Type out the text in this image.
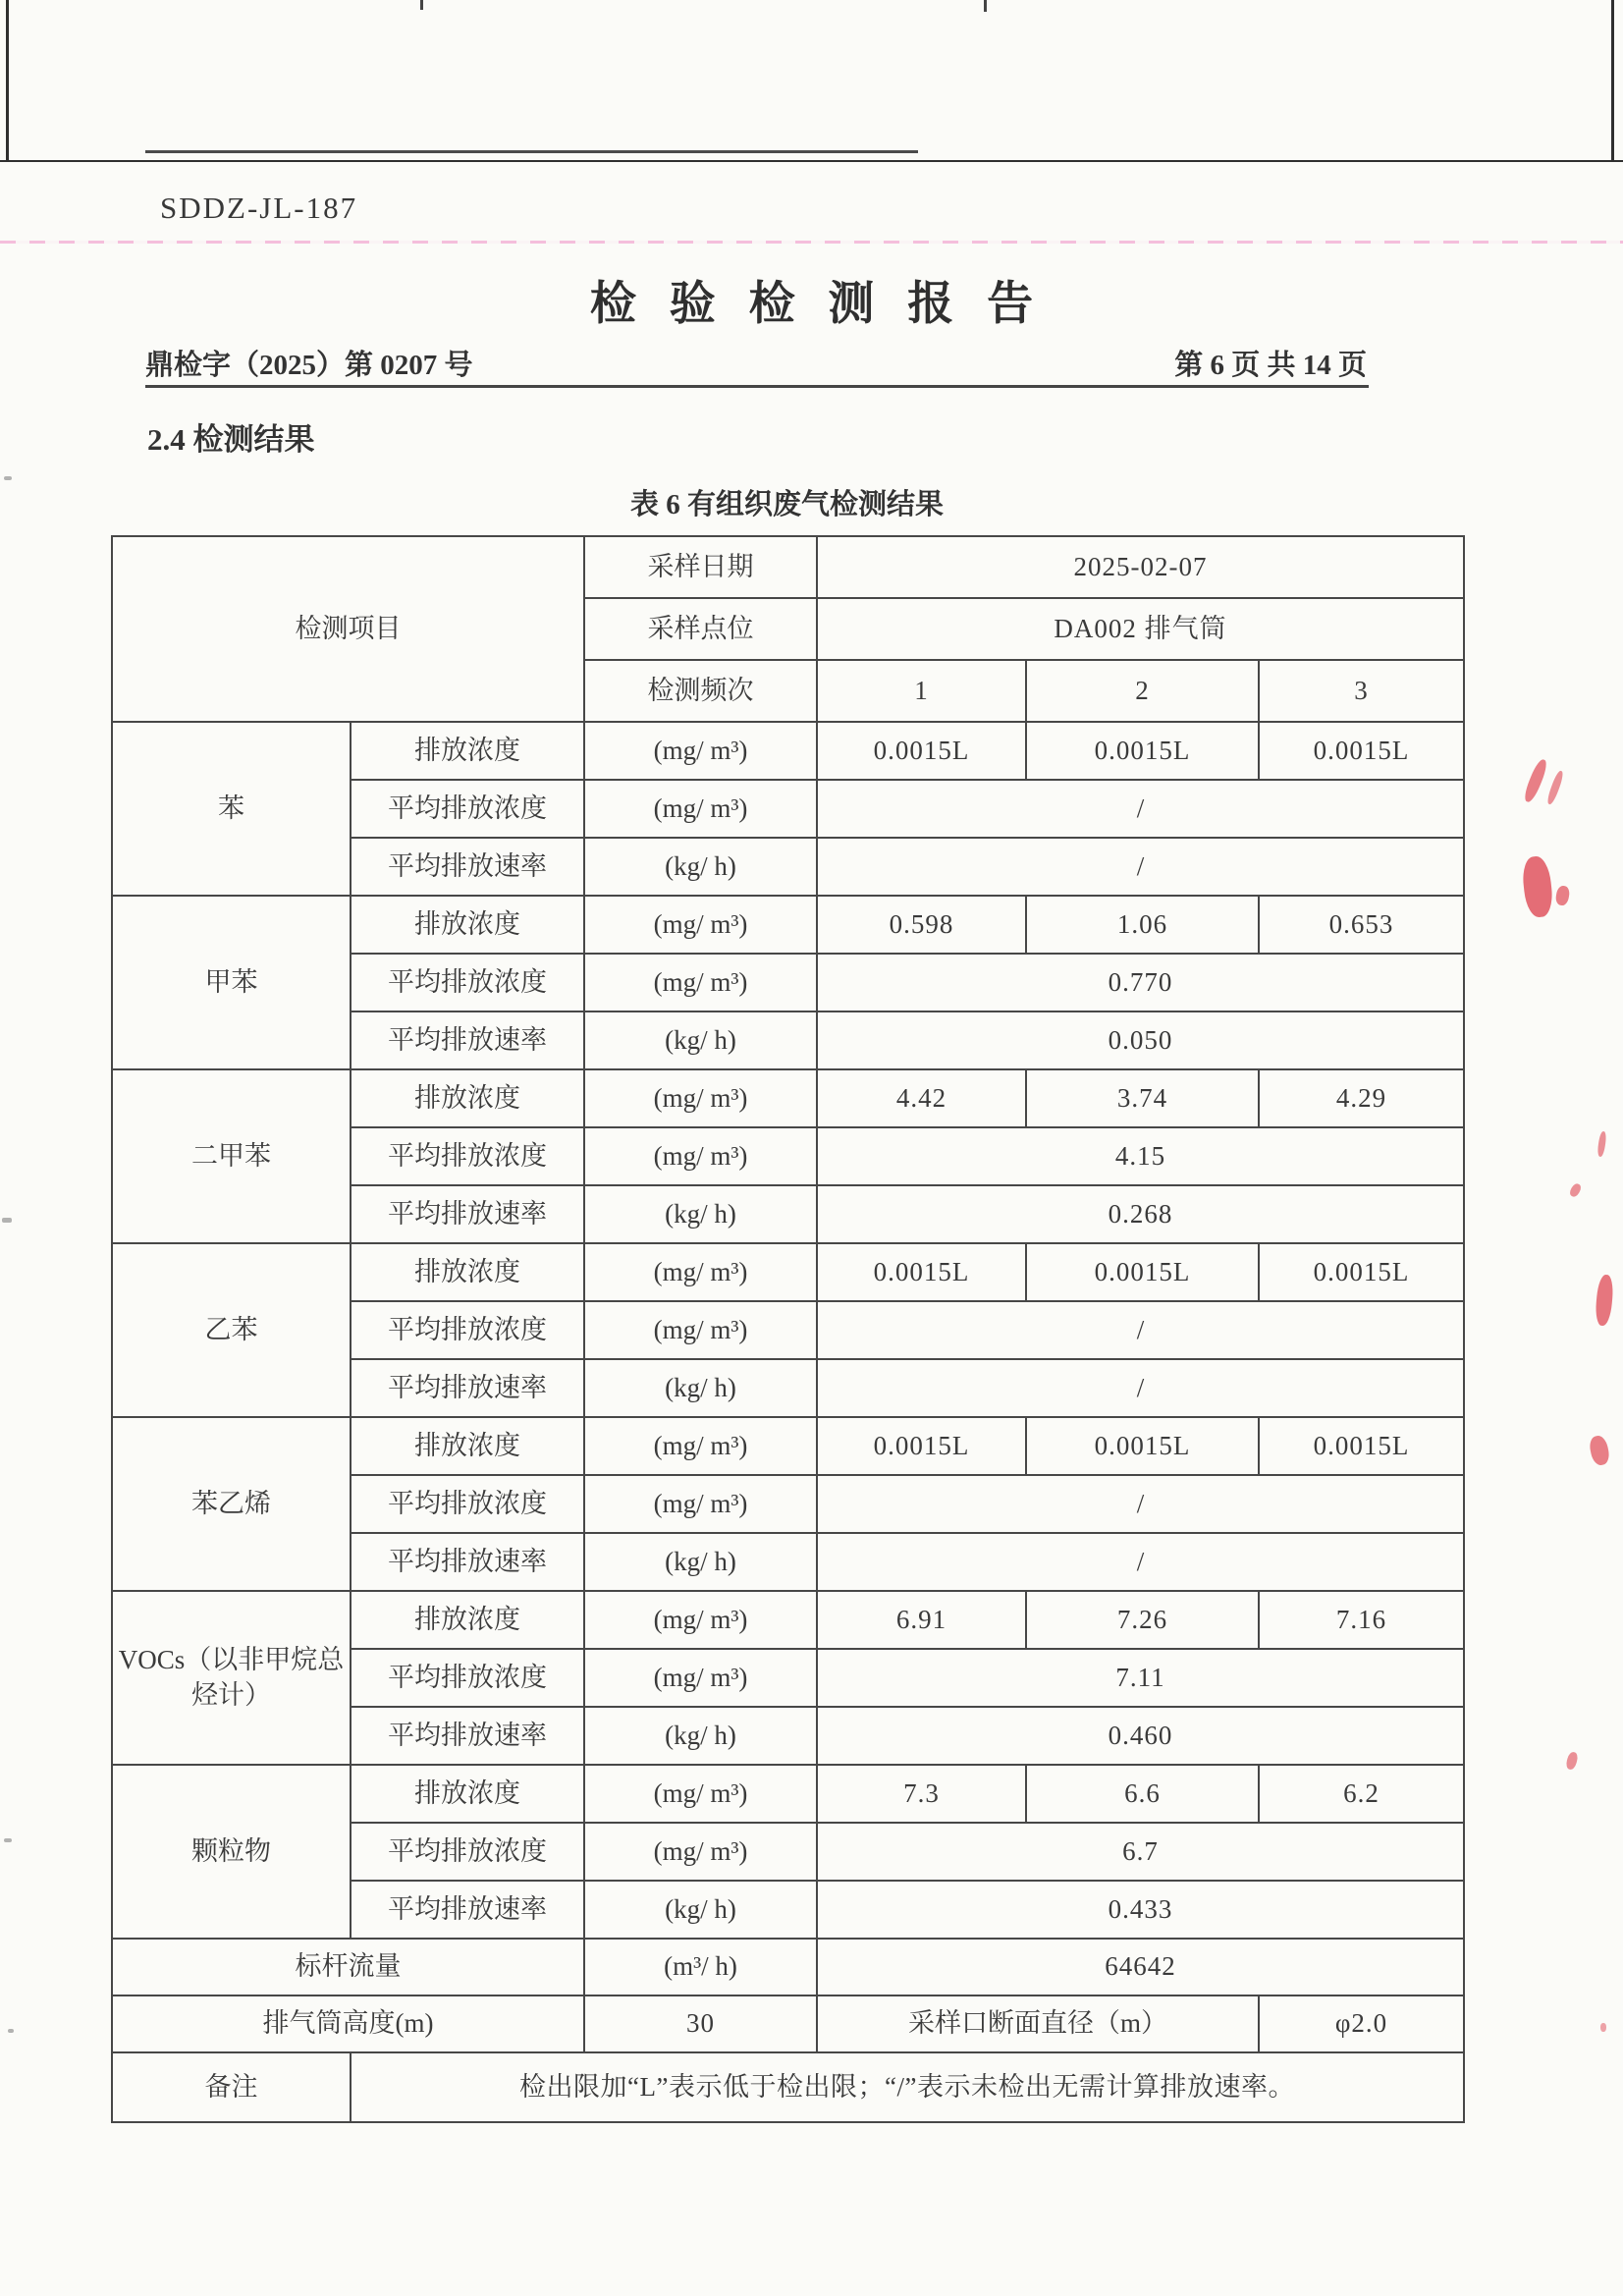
SDDZ-JL-187
检验检测报告
鼎检字（2025）第 0207 号	第 6 页 共 14 页
2.4 检测结果
表 6 有组织废气检测结果
检测项目		采样日期	2025-02-07		
		采样点位	DA002 排气筒		
		检测频次	1	2	3
苯	排放浓度	(mg/ m³)	0.0015L	0.0015L	0.0015L
	平均排放浓度	(mg/ m³)	/		
	平均排放速率	(kg/ h)	/		
甲苯	排放浓度	(mg/ m³)	0.598	1.06	0.653
	平均排放浓度	(mg/ m³)	0.770		
	平均排放速率	(kg/ h)	0.050		
二甲苯	排放浓度	(mg/ m³)	4.42	3.74	4.29
	平均排放浓度	(mg/ m³)	4.15		
	平均排放速率	(kg/ h)	0.268		
乙苯	排放浓度	(mg/ m³)	0.0015L	0.0015L	0.0015L
	平均排放浓度	(mg/ m³)	/		
	平均排放速率	(kg/ h)	/		
苯乙烯	排放浓度	(mg/ m³)	0.0015L	0.0015L	0.0015L
	平均排放浓度	(mg/ m³)	/		
	平均排放速率	(kg/ h)	/		
VOCs（以非甲烷总烃计）	排放浓度	(mg/ m³)	6.91	7.26	7.16
	平均排放浓度	(mg/ m³)	7.11		
	平均排放速率	(kg/ h)	0.460		
颗粒物	排放浓度	(mg/ m³)	7.3	6.6	6.2
	平均排放浓度	(mg/ m³)	6.7		
	平均排放速率	(kg/ h)	0.433		
标杆流量		(m³/ h)	64642		
排气筒高度(m)		30	采样口断面直径（m）		φ2.0
备注	检出限加“L”表示低于检出限；“/”表示未检出无需计算排放速率。				
